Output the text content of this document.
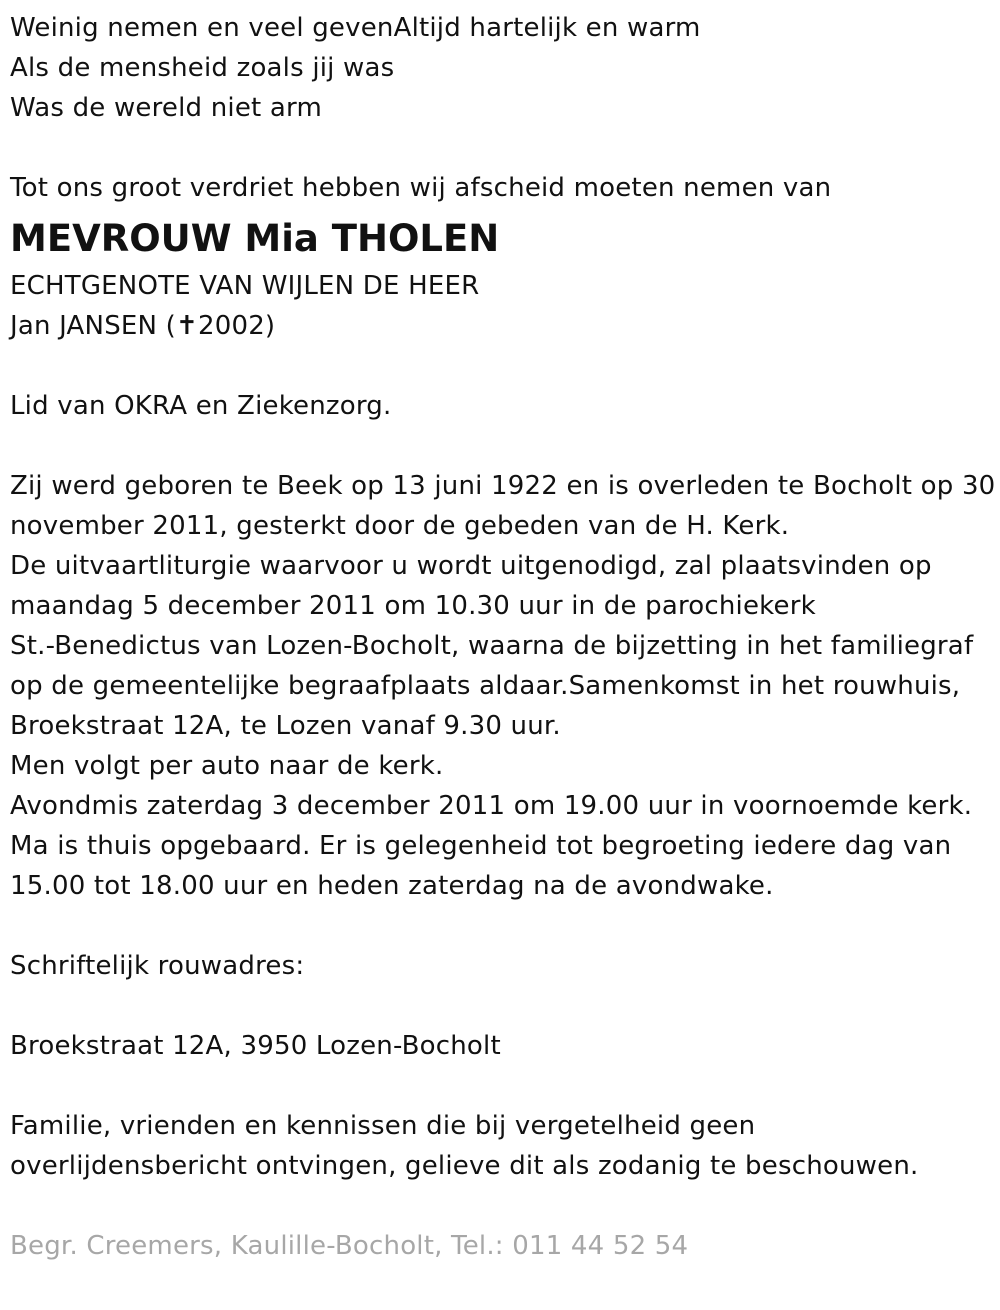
Weinig nemen en veel gevenAltijd hartelijk en warm
Als de mensheid zoals jij was
Was de wereld niet arm
Tot ons groot verdriet hebben wij afscheid moeten nemen van
MEVROUW Mia THOLEN
ECHTGENOTE VAN WIJLEN DE HEER
Jan JANSEN (✝2002)
Lid van OKRA en Ziekenzorg.
Zij werd geboren te Beek op 13 juni 1922 en is overleden te Bocholt op 30
november 2011, gesterkt door de gebeden van de H. Kerk.
De uitvaartliturgie waarvoor u wordt uitgenodigd, zal plaatsvinden op
maandag 5 december 2011 om 10.30 uur in de parochiekerk
St.-Benedictus van Lozen-Bocholt, waarna de bijzetting in het familiegraf
op de gemeentelijke begraafplaats aldaar.Samenkomst in het rouwhuis,
Broekstraat 12A, te Lozen vanaf 9.30 uur.
Men volgt per auto naar de kerk.
Avondmis zaterdag 3 december 2011 om 19.00 uur in voornoemde kerk.
Ma is thuis opgebaard. Er is gelegenheid tot begroeting iedere dag van
15.00 tot 18.00 uur en heden zaterdag na de avondwake.
Schriftelijk rouwadres:
Broekstraat 12A, 3950 Lozen-Bocholt
Familie, vrienden en kennissen die bij vergetelheid geen
overlijdensbericht ontvingen, gelieve dit als zodanig te beschouwen.
Begr. Creemers, Kaulille-Bocholt, Tel.: 011 44 52 54
